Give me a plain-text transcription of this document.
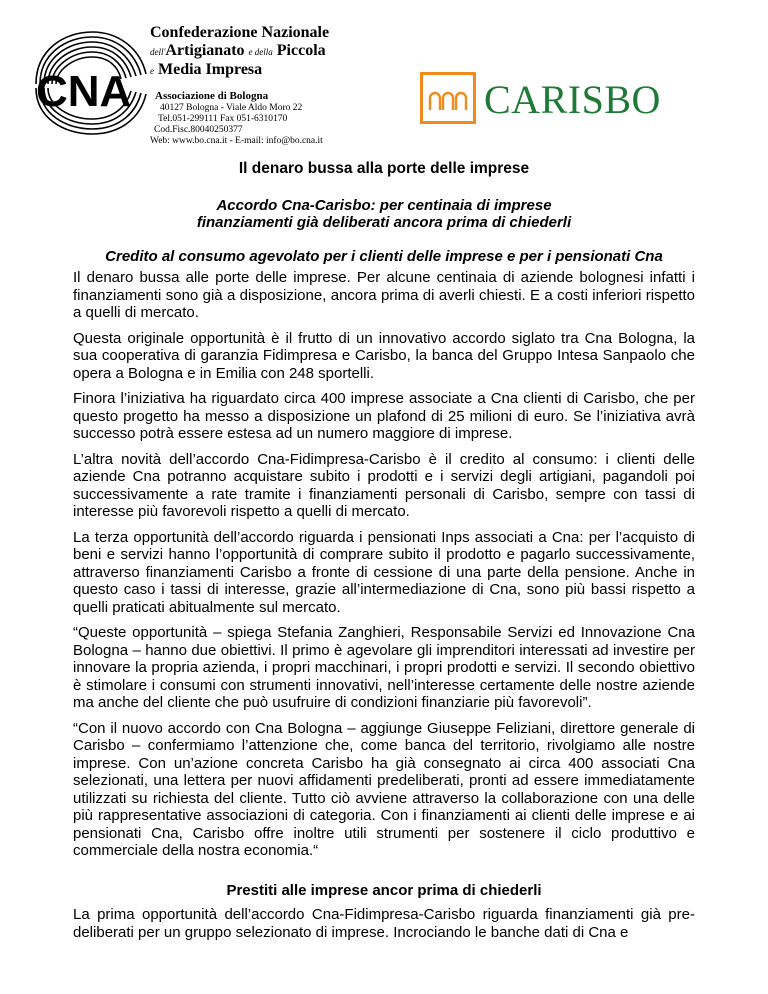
CNA
Confederazione Nazionale
dell'Artigianato e della Piccola
e Media Impresa
Associazione di Bologna
40127 Bologna - Viale Aldo Moro 22
Tel.051-299111 Fax 051-6310170
Cod.Fisc.80040250377
Web: www.bo.cna.it - E-mail: info@bo.cna.it
CARISBO
Il denaro bussa alla porte delle imprese
Accordo Cna-Carisbo: per centinaia di imprese
finanziamenti già deliberati ancora prima di chiederli
Credito al consumo agevolato per i clienti delle imprese e per i pensionati Cna

Il denaro bussa alle porte delle imprese. Per alcune centinaia di aziende bolognesi infatti i finanziamenti sono già a disposizione, ancora prima di averli chiesti. E a costi inferiori rispetto a quelli di mercato.

Questa originale opportunità è il frutto di un innovativo accordo siglato tra Cna Bologna, la sua cooperativa di garanzia Fidimpresa e Carisbo, la banca del Gruppo Intesa Sanpaolo che opera a Bologna e in Emilia con 248 sportelli.

Finora l’iniziativa ha riguardato circa 400 imprese associate a Cna clienti di Carisbo, che per questo progetto ha messo a disposizione un plafond di 25 milioni di euro. Se l’iniziativa avrà successo potrà essere estesa ad un numero maggiore di imprese.

L’altra novità dell’accordo Cna-Fidimpresa-Carisbo è il credito al consumo: i clienti delle aziende Cna potranno acquistare subito i prodotti e i servizi degli artigiani, pagandoli poi successivamente a rate tramite i finanziamenti personali di Carisbo, sempre con tassi di interesse più favorevoli rispetto a quelli di mercato.

La terza opportunità dell’accordo riguarda i pensionati Inps associati a Cna: per l’acquisto di beni e servizi hanno l’opportunità di comprare subito il prodotto e pagarlo successivamente, attraverso finanziamenti Carisbo a fronte di cessione di una parte della pensione. Anche in questo caso i tassi di interesse, grazie all’intermediazione di Cna, sono più bassi rispetto a quelli praticati abitualmente sul mercato.

“Queste opportunità – spiega Stefania Zanghieri, Responsabile Servizi ed Innovazione Cna Bologna – hanno due obiettivi. Il primo è agevolare gli imprenditori interessati ad investire per innovare la propria azienda, i propri macchinari, i propri prodotti e servizi. Il secondo obiettivo è stimolare i consumi con strumenti innovativi, nell’interesse certamente delle nostre aziende ma anche del cliente che può usufruire di condizioni finanziarie più favorevoli”.

“Con il nuovo accordo con Cna Bologna – aggiunge Giuseppe Feliziani, direttore generale di Carisbo – confermiamo l’attenzione che, come banca del territorio, rivolgiamo alle nostre imprese. Con un’azione concreta Carisbo ha già consegnato ai circa 400 associati Cna selezionati, una lettera per nuovi affidamenti predeliberati, pronti ad essere immediatamente utilizzati su richiesta del cliente. Tutto ciò avviene attraverso la collaborazione con una delle più rappresentative associazioni di categoria. Con i finanziamenti ai clienti delle imprese e ai pensionati Cna, Carisbo offre inoltre utili strumenti per sostenere il ciclo produttivo e commerciale della nostra economia.“

Prestiti alle imprese ancor prima di chiederli

La prima opportunità dell’accordo Cna-Fidimpresa-Carisbo riguarda finanziamenti già pre-deliberati per un gruppo selezionato di imprese. Incrociando le banche dati di Cna e
